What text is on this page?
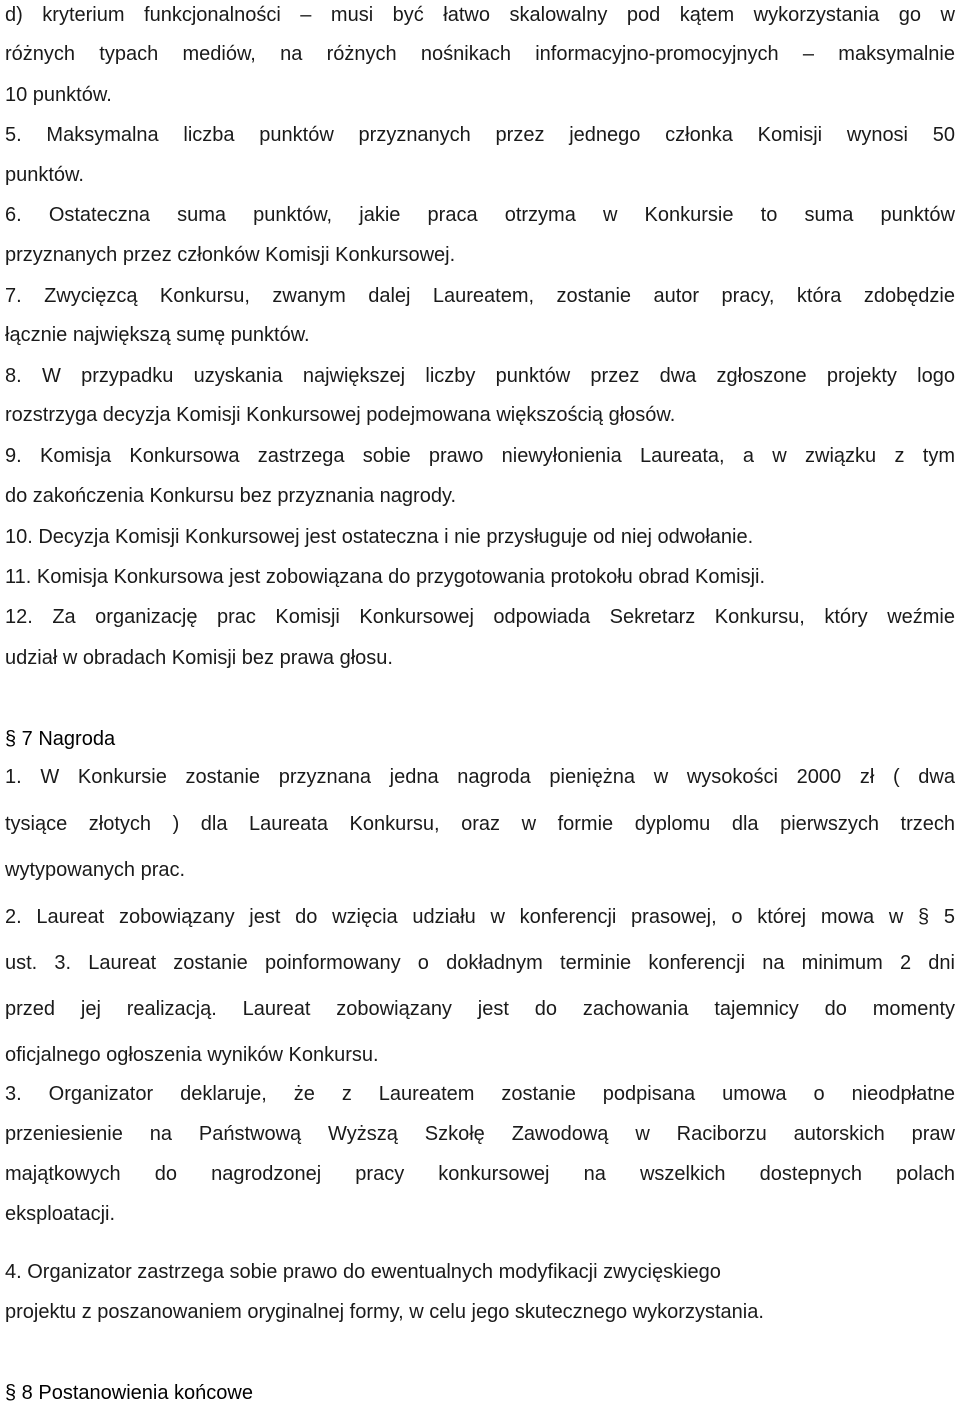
d) kryterium funkcjonalności – musi być łatwo skalowalny pod kątem wykorzystania go w

różnych typach mediów, na różnych nośnikach informacyjno-promocyjnych – maksymalnie

10 punktów.

5. Maksymalna liczba punktów przyznanych przez jednego członka Komisji wynosi 50

punktów.

6. Ostateczna suma punktów, jakie praca otrzyma w Konkursie to suma punktów

przyznanych przez członków Komisji Konkursowej.

7. Zwycięzcą Konkursu, zwanym dalej Laureatem, zostanie autor pracy, która zdobędzie

łącznie największą sumę punktów.

8. W przypadku uzyskania największej liczby punktów przez dwa zgłoszone projekty logo

rozstrzyga decyzja Komisji Konkursowej podejmowana większością głosów.

9. Komisja Konkursowa zastrzega sobie prawo niewyłonienia Laureata, a w związku z tym

do zakończenia Konkursu bez przyznania nagrody.

10. Decyzja Komisji Konkursowej jest ostateczna i nie przysługuje od niej odwołanie.

11. Komisja Konkursowa jest zobowiązana do przygotowania protokołu obrad Komisji.

12. Za organizację prac Komisji Konkursowej odpowiada Sekretarz Konkursu, który weźmie

udział w obradach Komisji bez prawa głosu.

§ 7 Nagroda

1. W Konkursie zostanie przyznana jedna nagroda pieniężna w wysokości 2000 zł ( dwa

tysiące złotych ) dla Laureata Konkursu, oraz w formie dyplomu dla pierwszych trzech

wytypowanych prac.

2. Laureat zobowiązany jest do wzięcia udziału w konferencji prasowej, o której mowa w § 5

ust. 3. Laureat zostanie poinformowany o dokładnym terminie konferencji na minimum 2 dni

przed jej realizacją. Laureat zobowiązany jest do zachowania tajemnicy do momenty

oficjalnego ogłoszenia wyników Konkursu.

3. Organizator deklaruje, że z Laureatem zostanie podpisana umowa o nieodpłatne

przeniesienie na Państwową Wyższą Szkołę Zawodową w Raciborzu autorskich praw

majątkowych do nagrodzonej pracy konkursowej na wszelkich dostepnych polach

eksploatacji.

4. Organizator zastrzega sobie prawo do ewentualnych modyfikacji zwycięskiego

projektu z poszanowaniem oryginalnej formy, w celu jego skutecznego wykorzystania.

§ 8 Postanowienia końcowe
